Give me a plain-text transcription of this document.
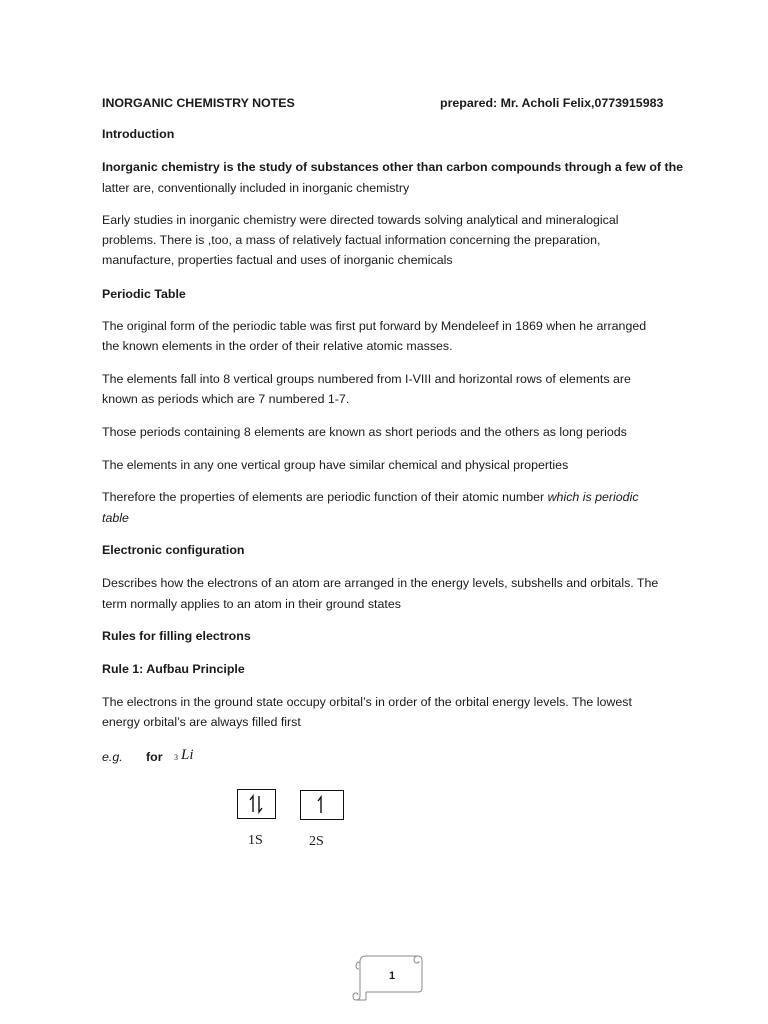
INORGANIC CHEMISTRY NOTES	prepared: Mr. Acholi Felix,0773915983
Introduction
Inorganic chemistry is the study of substances other than carbon compounds through a few of the
latter are, conventionally included in inorganic chemistry
Early studies in inorganic chemistry were directed towards solving analytical and mineralogical
problems. There is ,too, a mass of relatively factual information concerning the preparation,
manufacture, properties factual and uses of inorganic chemicals
Periodic Table
The original form of the periodic table was first put forward by Mendeleef in 1869 when he arranged
the known elements in the order of their relative atomic masses.
The elements fall into 8 vertical groups numbered from I-VIII and horizontal rows of elements are
known as periods which are 7 numbered 1-7.
Those periods containing 8 elements are known as short periods and the others as long periods
The elements in any one vertical group have similar chemical and physical properties
Therefore the properties of elements are periodic function of their atomic number which is periodic
table
Electronic configuration
Describes how the electrons of an atom are arranged in the energy levels, subshells and orbitals. The
term normally applies to an atom in their ground states
Rules for filling electrons
Rule 1: Aufbau Principle
The electrons in the ground state occupy orbital’s in order of the orbital energy levels. The lowest
energy orbital’s are always filled first
e.g. for 3 Li
1S	2S
1
